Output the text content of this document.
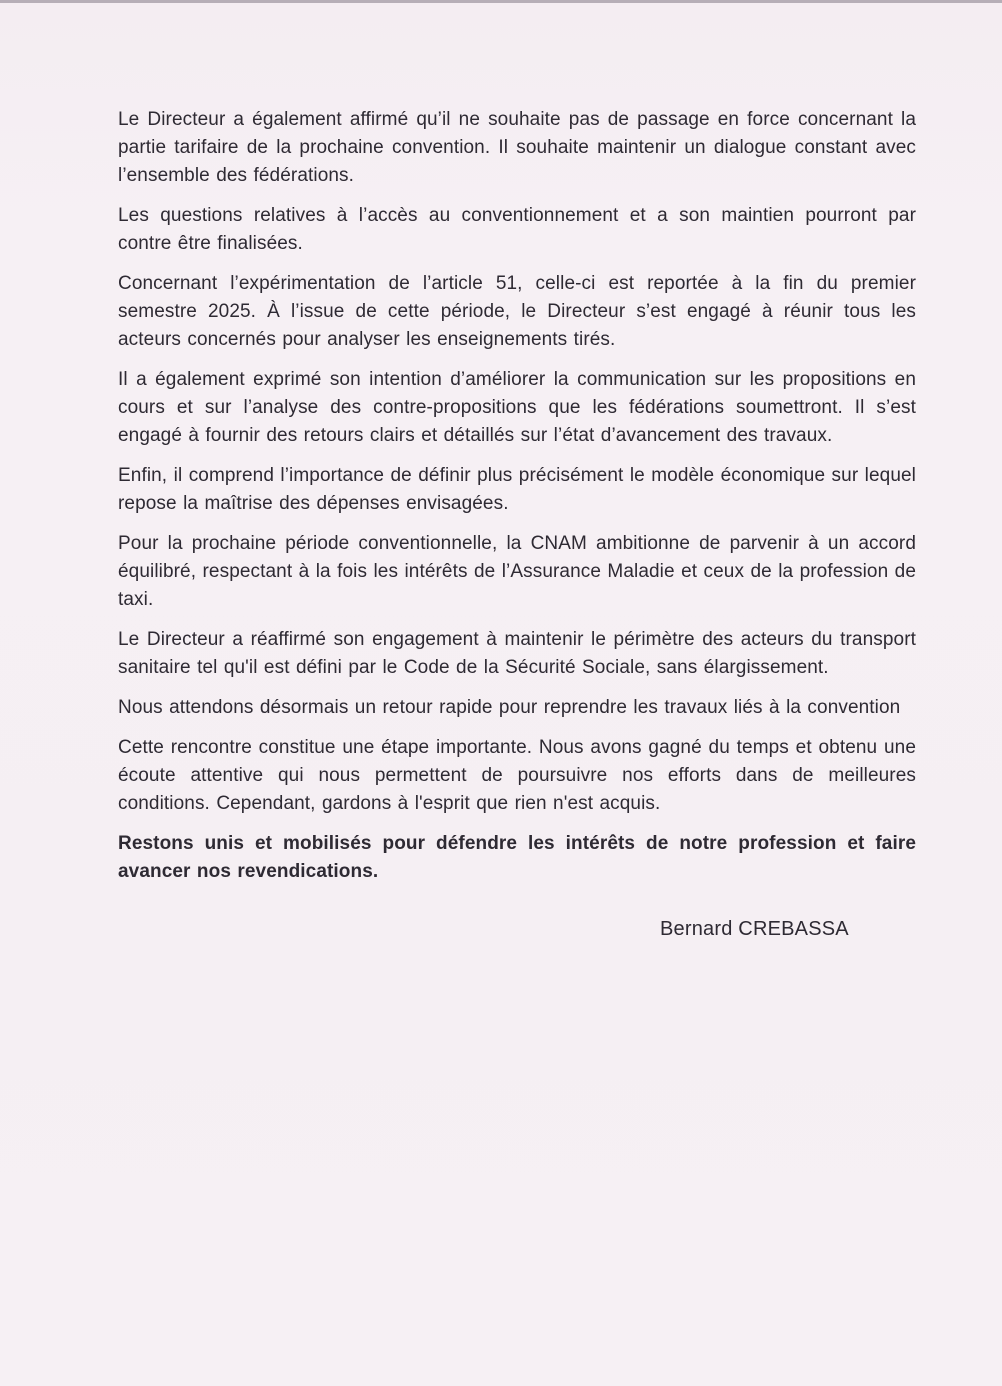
Le Directeur a également affirmé qu’il ne souhaite pas de passage en force concernant la partie tarifaire de la prochaine convention. Il souhaite maintenir un dialogue constant avec l’ensemble des fédérations.

Les questions relatives à l’accès au conventionnement et a son maintien pourront par contre être finalisées.

Concernant l’expérimentation de l’article 51, celle-ci est reportée à la fin du premier semestre 2025. À l’issue de cette période, le Directeur s’est engagé à réunir tous les acteurs concernés pour analyser les enseignements tirés.

Il a également exprimé son intention d’améliorer la communication sur les propositions en cours et sur l’analyse des contre-propositions que les fédérations soumettront. Il s’est engagé à fournir des retours clairs et détaillés sur l’état d’avancement des travaux.

Enfin, il comprend l’importance de définir plus précisément le modèle économique sur lequel repose la maîtrise des dépenses envisagées.

Pour la prochaine période conventionnelle, la CNAM ambitionne de parvenir à un accord équilibré, respectant à la fois les intérêts de l’Assurance Maladie et ceux de la profession de taxi.

Le Directeur a réaffirmé son engagement à maintenir le périmètre des acteurs du transport sanitaire tel qu'il est défini par le Code de la Sécurité Sociale, sans élargissement.

Nous attendons désormais un retour rapide pour reprendre les travaux liés à la convention

Cette rencontre constitue une étape importante. Nous avons gagné du temps et obtenu une écoute attentive qui nous permettent de poursuivre nos efforts dans de meilleures conditions. Cependant, gardons à l'esprit que rien n'est acquis.

Restons unis et mobilisés pour défendre les intérêts de notre profession et faire avancer nos revendications.

Bernard CREBASSA
